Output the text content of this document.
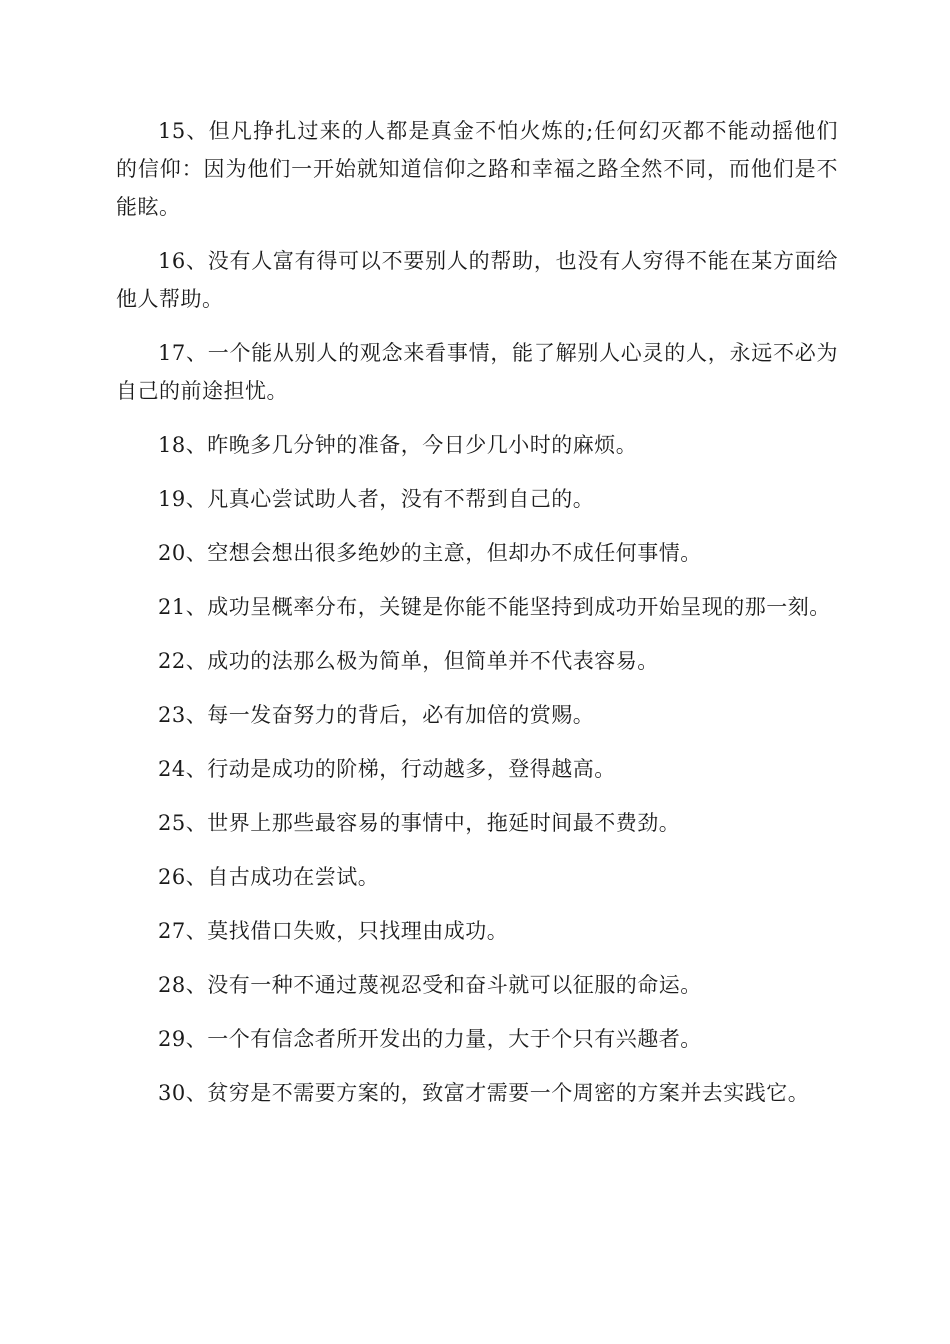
15、但凡挣扎过来的人都是真金不怕火炼的;任何幻灭都不能动摇他们的信仰：因为他们一开始就知道信仰之路和幸福之路全然不同，而他们是不能眩。

16、没有人富有得可以不要别人的帮助，也没有人穷得不能在某方面给他人帮助。

17、一个能从别人的观念来看事情，能了解别人心灵的人，永远不必为自己的前途担忧。

18、昨晚多几分钟的准备，今日少几小时的麻烦。

19、凡真心尝试助人者，没有不帮到自己的。

20、空想会想出很多绝妙的主意，但却办不成任何事情。

21、成功呈概率分布，关键是你能不能坚持到成功开始呈现的那一刻。

22、成功的法那么极为简单，但简单并不代表容易。

23、每一发奋努力的背后，必有加倍的赏赐。

24、行动是成功的阶梯，行动越多，登得越高。

25、世界上那些最容易的事情中，拖延时间最不费劲。

26、自古成功在尝试。

27、莫找借口失败，只找理由成功。

28、没有一种不通过蔑视忍受和奋斗就可以征服的命运。

29、一个有信念者所开发出的力量，大于个只有兴趣者。

30、贫穷是不需要方案的，致富才需要一个周密的方案并去实践它。
